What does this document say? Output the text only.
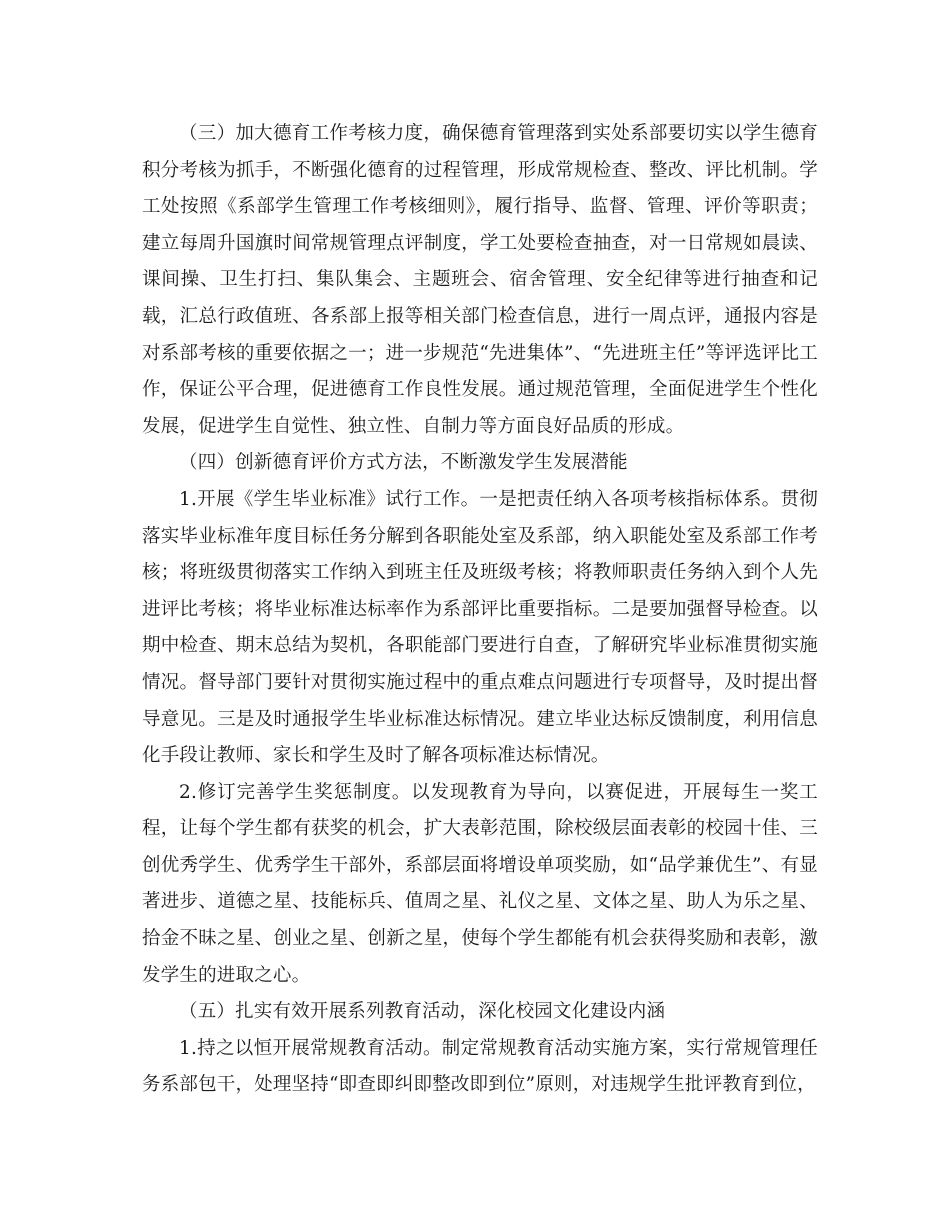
（三）加大德育工作考核力度，确保德育管理落到实处系部要切实以学生德育积分考核为抓手，不断强化德育的过程管理，形成常规检查、整改、评比机制。学工处按照《系部学生管理工作考核细则》，履行指导、监督、管理、评价等职责；建立每周升国旗时间常规管理点评制度，学工处要检查抽查，对一日常规如晨读、课间操、卫生打扫、集队集会、主题班会、宿舍管理、安全纪律等进行抽查和记载，汇总行政值班、各系部上报等相关部门检查信息，进行一周点评，通报内容是对系部考核的重要依据之一；进一步规范“先进集体”、“先进班主任”等评选评比工作，保证公平合理，促进德育工作良性发展。通过规范管理，全面促进学生个性化发展，促进学生自觉性、独立性、自制力等方面良好品质的形成。

（四）创新德育评价方式方法，不断激发学生发展潜能

1.开展《学生毕业标准》试行工作。一是把责任纳入各项考核指标体系。贯彻落实毕业标准年度目标任务分解到各职能处室及系部，纳入职能处室及系部工作考核；将班级贯彻落实工作纳入到班主任及班级考核；将教师职责任务纳入到个人先进评比考核；将毕业标准达标率作为系部评比重要指标。二是要加强督导检查。以期中检查、期末总结为契机，各职能部门要进行自查，了解研究毕业标准贯彻实施情况。督导部门要针对贯彻实施过程中的重点难点问题进行专项督导，及时提出督导意见。三是及时通报学生毕业标准达标情况。建立毕业达标反馈制度，利用信息化手段让教师、家长和学生及时了解各项标准达标情况。

2.修订完善学生奖惩制度。以发现教育为导向，以赛促进，开展每生一奖工程，让每个学生都有获奖的机会，扩大表彰范围，除校级层面表彰的校园十佳、三创优秀学生、优秀学生干部外，系部层面将增设单项奖励，如“品学兼优生”、有显著进步、道德之星、技能标兵、值周之星、礼仪之星、文体之星、助人为乐之星、拾金不昧之星、创业之星、创新之星，使每个学生都能有机会获得奖励和表彰，激发学生的进取之心。

（五）扎实有效开展系列教育活动，深化校园文化建设内涵

1.持之以恒开展常规教育活动。制定常规教育活动实施方案，实行常规管理任务系部包干，处理坚持“即查即纠即整改即到位”原则，对违规学生批评教育到位，
